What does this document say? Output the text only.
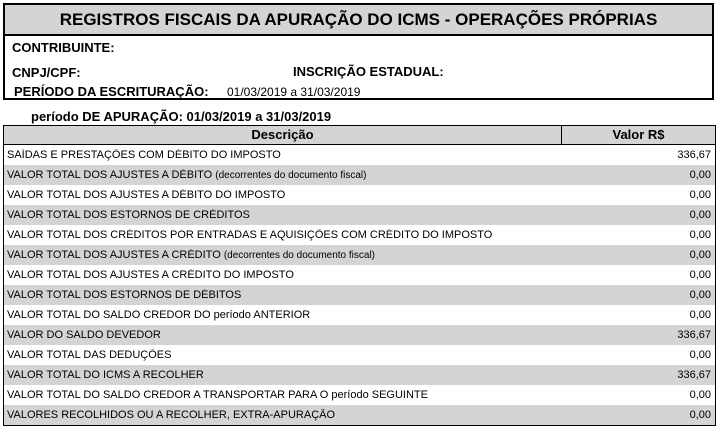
REGISTROS FISCAIS DA APURAÇÃO DO ICMS - OPERAÇÕES PRÓPRIAS
CONTRIBUINTE:
CNPJ/CPF:	INSCRIÇÃO ESTADUAL:
PERÍODO DA ESCRITURAÇÃO: 01/03/2019 a 31/03/2019
período DE APURAÇÃO: 01/03/2019 a 31/03/2019
Descrição	Valor R$
SAÍDAS E PRESTAÇÕES COM DÉBITO DO IMPOSTO	336,67
VALOR TOTAL DOS AJUSTES A DÉBITO (decorrentes do documento fiscal)	0,00
VALOR TOTAL DOS AJUSTES A DÉBITO DO IMPOSTO	0,00
VALOR TOTAL DOS ESTORNOS DE CRÉDITOS	0,00
VALOR TOTAL DOS CRÉDITOS POR ENTRADAS E AQUISIÇÕES COM CRÉDITO DO IMPOSTO	0,00
VALOR TOTAL DOS AJUSTES A CRÉDITO (decorrentes do documento fiscal)	0,00
VALOR TOTAL DOS AJUSTES A CRÉDITO DO IMPOSTO	0,00
VALOR TOTAL DOS ESTORNOS DE DÉBITOS	0,00
VALOR TOTAL DO SALDO CREDOR DO período ANTERIOR	0,00
VALOR DO SALDO DEVEDOR	336,67
VALOR TOTAL DAS DEDUÇÕES	0,00
VALOR TOTAL DO ICMS A RECOLHER	336,67
VALOR TOTAL DO SALDO CREDOR A TRANSPORTAR PARA O período SEGUINTE	0,00
VALORES RECOLHIDOS OU A RECOLHER, EXTRA-APURAÇÃO	0,00
